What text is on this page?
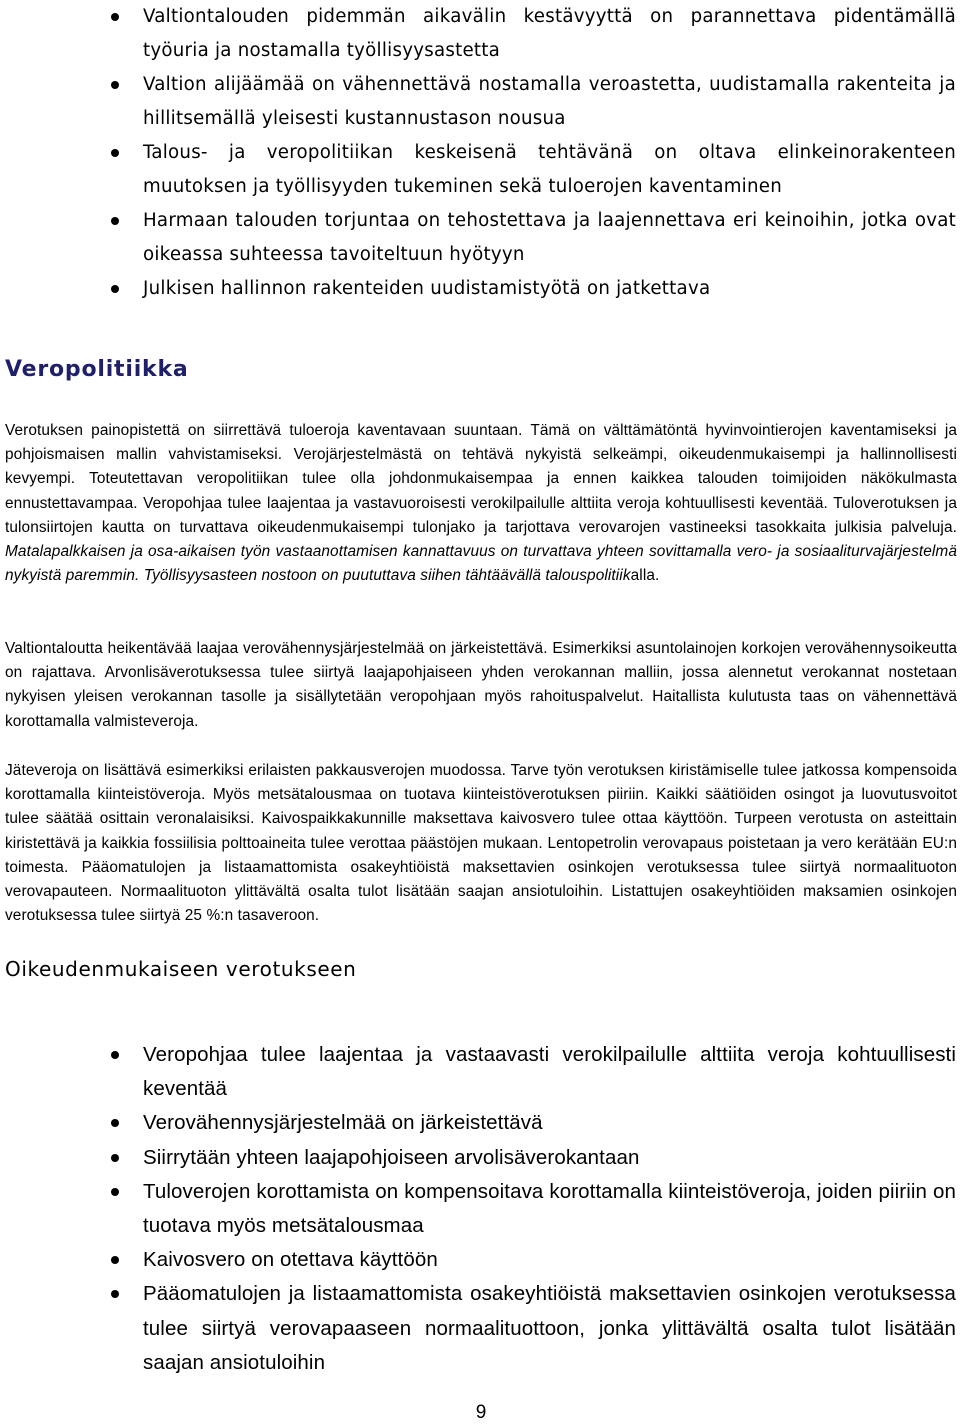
Valtiontalouden pidemmän aikavälin kestävyyttä on parannettava pidentämällä työuria ja nostamalla työllisyysastetta
Valtion alijäämää on vähennettävä nostamalla veroastetta, uudistamalla rakenteita ja hillitsemällä yleisesti kustannustason nousua
Talous- ja veropolitiikan keskeisenä tehtävänä on oltava elinkeinorakenteen muutoksen ja työllisyyden tukeminen sekä tuloerojen kaventaminen
Harmaan talouden torjuntaa on tehostettava ja laajennettava eri keinoihin, jotka ovat oikeassa suhteessa tavoiteltuun hyötyyn
Julkisen hallinnon rakenteiden uudistamistyötä on jatkettava
Veropolitiikka

Verotuksen painopistettä on siirrettävä tuloeroja kaventavaan suuntaan. Tämä on välttämätöntä hyvinvointierojen kaventamiseksi ja pohjoismaisen mallin vahvistamiseksi. Verojärjestelmästä on tehtävä nykyistä selkeämpi, oikeudenmukaisempi ja hallinnollisesti kevyempi. Toteutettavan veropolitiikan tulee olla johdonmukaisempaa ja ennen kaikkea talouden toimijoiden näkökulmasta ennustettavampaa. Veropohjaa tulee laajentaa ja vastavuoroisesti verokilpailulle alttiita veroja kohtuullisesti keventää. Tuloverotuksen ja tulonsiirtojen kautta on turvattava oikeudenmukaisempi tulonjako ja tarjottava verovarojen vastineeksi tasokkaita julkisia palveluja. Matalapalkkaisen ja osa-aikaisen työn vastaanottamisen kannattavuus on turvattava yhteen sovittamalla vero- ja sosiaaliturvajärjestelmä nykyistä paremmin. Työllisyysasteen nostoon on puututtava siihen tähtäävällä talouspolitiikalla.

Valtiontaloutta heikentävää laajaa verovähennysjärjestelmää on järkeistettävä. Esimerkiksi asuntolainojen korkojen verovähennysoikeutta on rajattava. Arvonlisäverotuksessa tulee siirtyä laajapohjaiseen yhden verokannan malliin, jossa alennetut verokannat nostetaan nykyisen yleisen verokannan tasolle ja sisällytetään veropohjaan myös rahoituspalvelut. Haitallista kulutusta taas on vähennettävä korottamalla valmisteveroja.

Jäteveroja on lisättävä esimerkiksi erilaisten pakkausverojen muodossa. Tarve työn verotuksen kiristämiselle tulee jatkossa kompensoida korottamalla kiinteistöveroja. Myös metsätalousmaa on tuotava kiinteistöverotuksen piiriin. Kaikki säätiöiden osingot ja luovutusvoitot tulee säätää osittain veronalaisiksi. Kaivospaikkakunnille maksettava kaivosvero tulee ottaa käyttöön. Turpeen verotusta on asteittain kiristettävä ja kaikkia fossiilisia polttoaineita tulee verottaa päästöjen mukaan. Lentopetrolin verovapaus poistetaan ja vero kerätään EU:n toimesta. Pääomatulojen ja listaamattomista osakeyhtiöistä maksettavien osinkojen verotuksessa tulee siirtyä normaalituoton verovapauteen. Normaalituoton ylittävältä osalta tulot lisätään saajan ansiotuloihin. Listattujen osakeyhtiöiden maksamien osinkojen verotuksessa tulee siirtyä 25 %:n tasaveroon.

Oikeudenmukaiseen verotukseen
Veropohjaa tulee laajentaa ja vastaavasti verokilpailulle alttiita veroja kohtuullisesti keventää
Verovähennysjärjestelmää on järkeistettävä
Siirrytään yhteen laajapohjoiseen arvolisäverokantaan
Tuloverojen korottamista on kompensoitava korottamalla kiinteistöveroja, joiden piiriin on tuotava myös metsätalousmaa
Kaivosvero on otettava käyttöön
Pääomatulojen ja listaamattomista osakeyhtiöistä maksettavien osinkojen verotuksessa tulee siirtyä verovapaaseen normaalituottoon, jonka ylittävältä osalta tulot lisätään saajan ansiotuloihin
9
